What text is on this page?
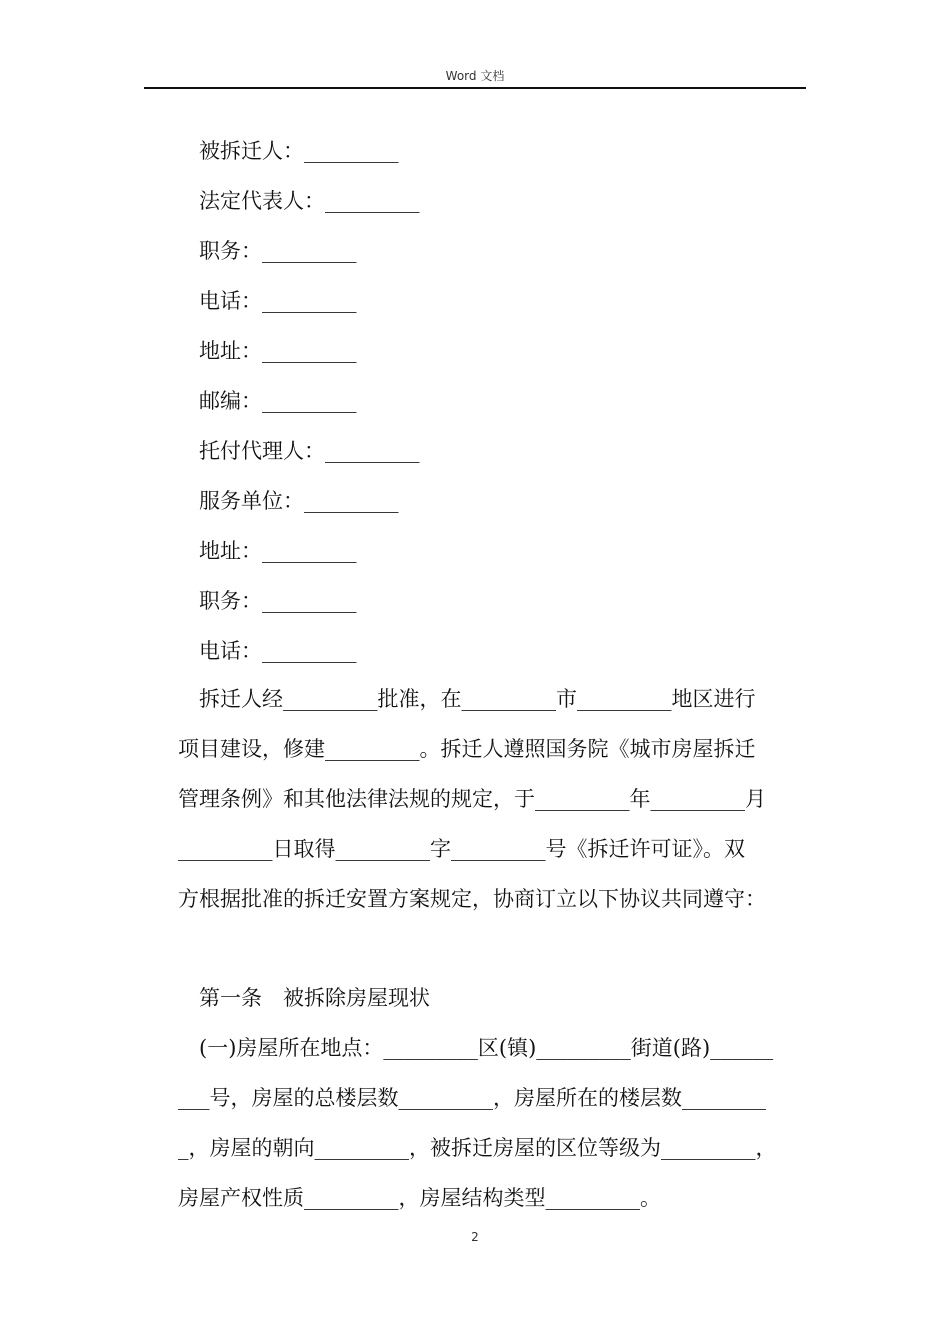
Word 文档
被拆迁人：_________
法定代表人：_________
职务：_________
电话：_________
地址：_________
邮编：_________
托付代理人：_________
服务单位：_________
地址：_________
职务：_________
电话：_________
拆迁人经_________批准，在_________市_________地区进行
项目建设，修建_________。拆迁人遵照国务院《城市房屋拆迁
管理条例》和其他法律法规的规定，于_________年_________月
_________日取得_________字_________号《拆迁许可证》。双
方根据批准的拆迁安置方案规定，协商订立以下协议共同遵守：
第一条　被拆除房屋现状
(一)房屋所在地点：_________区(镇)_________街道(路)______
___号，房屋的总楼层数_________，房屋所在的楼层数________
_，房屋的朝向_________，被拆迁房屋的区位等级为_________，
房屋产权性质_________，房屋结构类型_________。
2
